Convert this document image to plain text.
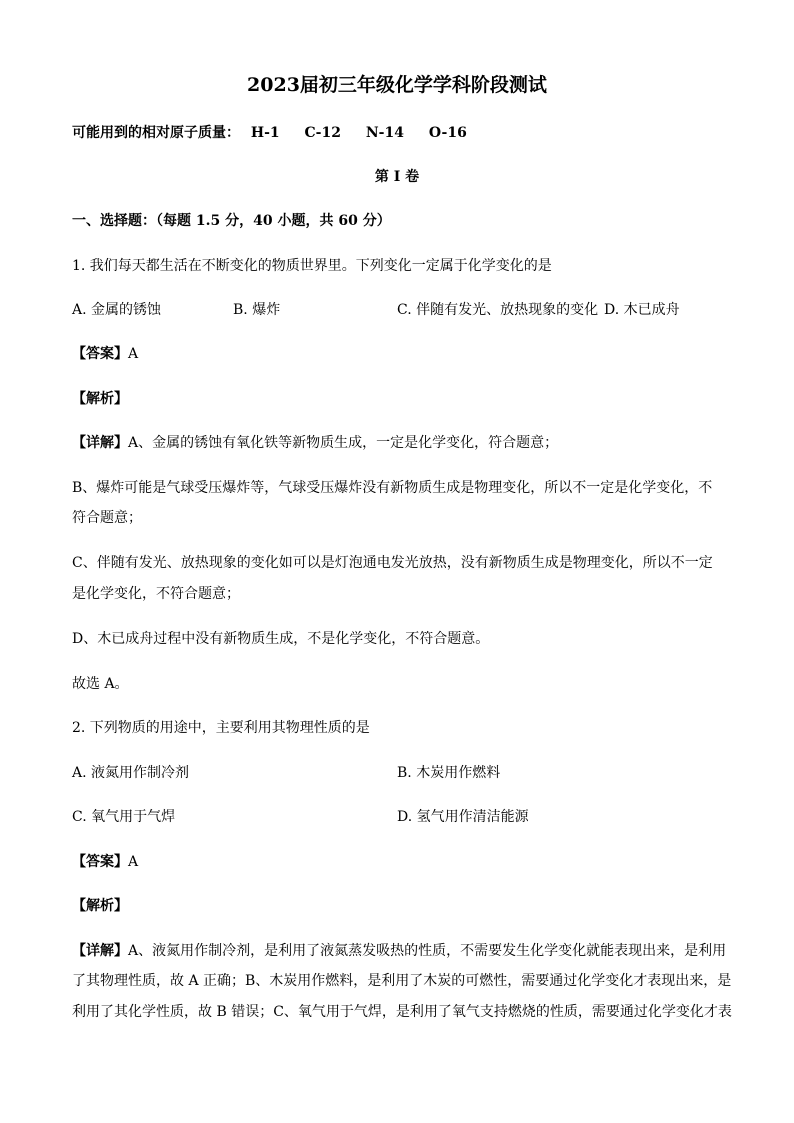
2023届初三年级化学学科阶段测试
可能用到的相对原子质量： H-1 C-12 N-14 O-16
第 I 卷
一、选择题：（每题 1.5 分，40 小题，共 60 分）
1. 我们每天都生活在不断变化的物质世界里。下列变化一定属于化学变化的是
A. 金属的锈蚀	B. 爆炸	C. 伴随有发光、放热现象的变化 D. 木已成舟
【答案】A
【解析】
【详解】A、金属的锈蚀有氧化铁等新物质生成，一定是化学变化，符合题意；
B、爆炸可能是气球受压爆炸等，气球受压爆炸没有新物质生成是物理变化，所以不一定是化学变化，不
符合题意；
C、伴随有发光、放热现象的变化如可以是灯泡通电发光放热，没有新物质生成是物理变化，所以不一定
是化学变化，不符合题意；
D、木已成舟过程中没有新物质生成，不是化学变化，不符合题意。
故选 A。
2. 下列物质的用途中，主要利用其物理性质的是
A. 液氮用作制冷剂	B. 木炭用作燃料
C. 氧气用于气焊	D. 氢气用作清洁能源
【答案】A
【解析】
【详解】A、液氮用作制冷剂，是利用了液氮蒸发吸热的性质，不需要发生化学变化就能表现出来，是利用
了其物理性质，故 A 正确；B、木炭用作燃料，是利用了木炭的可燃性，需要通过化学变化才表现出来，是
利用了其化学性质，故 B 错误；C、氧气用于气焊，是利用了氧气支持燃烧的性质，需要通过化学变化才表
